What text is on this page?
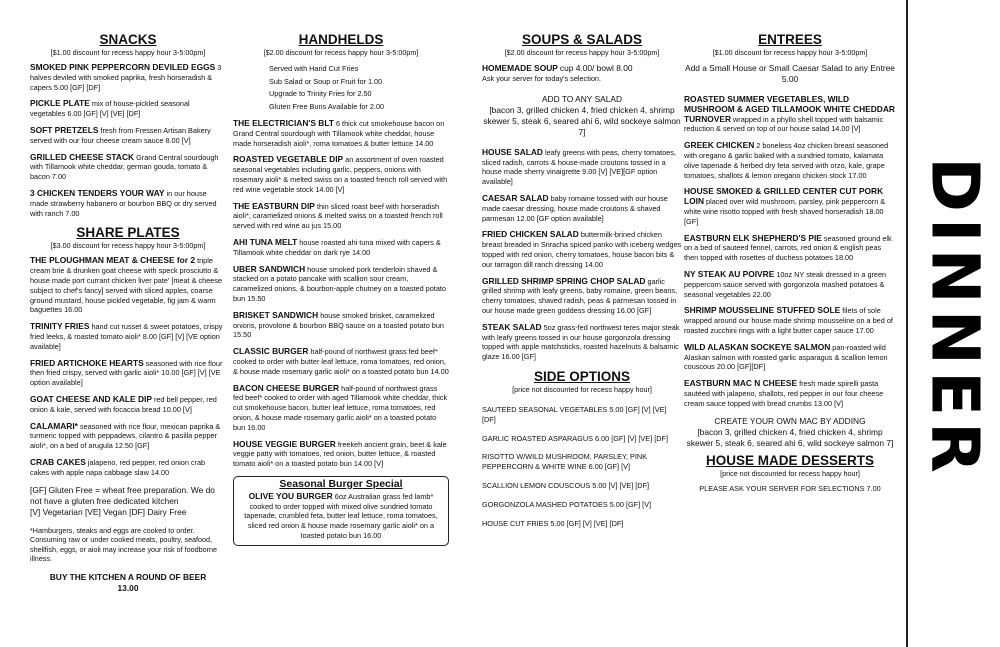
SNACKS
[$1.00 discount for recess happy hour 3-5:00pm]
SMOKED PINK PEPPERCORN DEVILED EGGS 3 halves deviled with smoked paprika, fresh horseradish & capers 5.00 [GF] [DF]
PICKLE PLATE mix of house-pickled seasonal vegetables 6.00 [GF] [V] [VE] [DF]
SOFT PRETZELS fresh from Fressen Artisan Bakery served with our four cheese cream sauce 8.00 [V]
GRILLED CHEESE STACK Grand Central sourdough with Tillamook white cheddar, german gouda, tomato & bacon 7.00
3 CHICKEN TENDERS YOUR WAY in our house made strawberry habanero or bourbon BBQ or dry served with ranch 7.00
SHARE PLATES
[$3.00 discount for recess happy hour 3-5:00pm]
THE PLOUGHMAN MEAT & CHEESE for 2 triple cream brie & drunken goat cheese with speck prosciutto & house made port currant chicken liver pate' [meat & cheese subject to chef's fancy] served with sliced apples, coarse ground mustard, house pickled vegetable, fig jam & warm baguettes 16.00
TRINITY FRIES hand cut russet & sweet potatoes, crispy fried leeks, & roasted tomato aioli* 8.00 [GF] [V] [VE option available]
FRIED ARTICHOKE HEARTS seasoned with rice flour then fried crispy, served with garlic aioli* 10.00 [GF] [V] [VE option available]
GOAT CHEESE AND KALE DIP red bell pepper, red onion & kale, served with focaccia bread 10.00 [V]
CALAMARI* seasoned with rice flour, mexican paprika & turmeric topped with peppadews, cilantro & pasilla pepper aioli*, on a bed of arugula 12.50 [GF]
CRAB CAKES jalapeno, red pepper, red onion crab cakes with apple napa cabbage slaw 14.00
[GF] Gluten Free = wheat free preparation. We do not have a gluten free dedicated kitchen
[V] Vegetarian [VE] Vegan [DF] Dairy Free
*Hamburgers, steaks and eggs are cooked to order. Consuming raw or under cooked meats, poultry, seafood, shellfish, eggs, or aioli may increase your risk of foodborne illness.
BUY THE KITCHEN A ROUND OF BEER
13.00
HANDHELDS
[$2.00 discount for recess happy hour 3-5:00pm]
Served with Hand Cut Fries
Sub Salad or Soup or Fruit for 1.00
Upgrade to Trinity Fries for 2.50
Gluten Free Buns Available for 2.00
THE ELECTRICIAN'S BLT 6 thick cut smokehouse bacon on Grand Central sourdough with Tillamook white cheddar, house made horseradish aioli*, roma tomatoes & butter lettuce 14.00
ROASTED VEGETABLE DIP an assortment of oven roasted seasonal vegetables including garlic, peppers, onions with rosemary aioli* & melted swiss on a toasted french roll served with red wine vegetable stock 14.00 [V]
THE EASTBURN DIP thin sliced roast beef with horseradish aioli*, caramelized onions & melted swiss on a toasted french roll served with red wine au jus 15.00
AHI TUNA MELT house roasted ahi tuna mixed with capers & Tillamook white cheddar on dark rye 14.00
UBER SANDWICH house smoked pork tenderloin shaved & stacked on a potato pancake with scallion sour cream, caramelized onions, & bourbon-apple chutney on a toasted potato bun 15.50
BRISKET SANDWICH house smoked brisket, caramelized onions, provolone & bourbon BBQ sauce on a toasted potato bun 15.50
CLASSIC BURGER half-pound of northwest grass fed beef* cooked to order with butter leaf lettuce, roma tomatoes, red onion, & house made rosemary garlic aioli* on a toasted potato bun 14.00
BACON CHEESE BURGER half-pound of northwest grass fed beef* cooked to order with aged Tillamook white cheddar, thick cut smokehouse bacon, butter leaf lettuce, roma tomatoes, red onion, & house made rosemary garlic aioli* on a toasted potato bun 16.00
HOUSE VEGGIE BURGER freekeh ancient grain, beet & kale veggie patty with tomatoes, red onion, butter lettuce, & roasted tomato aioli* on a toasted potato bun 14.00 [V]
Seasonal Burger Special
OLIVE YOU BURGER 6oz Australian grass fed lamb* cooked to order topped with mixed olive sundried tomato tapenade, crumbled feta, butter leaf lettuce, roma tomatoes, sliced red onion & house made rosemary garlic aioli* on a toasted potato bun 16.00
SOUPS & SALADS
[$2.00 discount for recess happy hour 3-5:00pm]
HOMEMADE SOUP cup 4.00/ bowl 8.00
Ask your server for today's selection.
ADD TO ANY SALAD
[bacon 3, grilled chicken 4, fried chicken 4, shrimp skewer 5, steak 6, seared ahi 6, wild sockeye salmon 7]
HOUSE SALAD leafy greens with peas, cherry tomatoes, sliced radish, carrots & house-made croutons tossed in a house made sherry vinaigrette 9.00 [V] [VE][GF option available]
CAESAR SALAD baby romaine tossed with our house made caesar dressing, house made croutons & shaved parmesan 12.00 [GF option available]
FRIED CHICKEN SALAD buttermilk-brined chicken breast breaded in Sriracha spiced panko with iceberg wedges topped with red onion, cherry tomatoes, house bacon bits & our tarragon dill ranch dressing 14.00
GRILLED SHRIMP SPRING CHOP SALAD garlic grilled shrimp with leafy greens, baby romaine, green beans, cherry tomatoes, shaved radish, peas & parmesan tossed in our house made green goddess dressing 16.00 [GF]
STEAK SALAD 5oz grass-fed northwest teres major steak with leafy greens tossed in our house gorgonzola dressing topped with apple matchsticks, roasted hazelnuts & balsamic glaze 16.00 [GF]
SIDE OPTIONS
[price not discounted for recess happy hour]
SAUTEED SEASONAL VEGETABLES 5.00 [GF] [V] [VE] [DF]
GARLIC ROASTED ASPARAGUS 6.00 [GF] [V] [VE] [DF]
RISOTTO W/WILD MUSHROOM, PARSLEY, PINK PEPPERCORN & WHITE WINE 6.00 [GF] [V]
SCALLION LEMON COUSCOUS 5.00 [V] [VE] [DF]
GORGONZOLA MASHED POTATOES 5.00 [GF] [V]
HOUSE CUT FRIES 5.00 [GF] [V] [VE] [DF]
ENTREES
[$1.00 discount for recess happy hour 3-5:00pm]
Add a Small House or Small Caesar Salad to any Entree 5.00
ROASTED SUMMER VEGETABLES, WILD MUSHROOM & AGED TILLAMOOK WHITE CHEDDAR TURNOVER wrapped in a phyllo shell topped with balsamic reduction & served on top of our house salad 14.00 [V]
GREEK CHICKEN 2 boneless 4oz chicken breast seasoned with oregano & garlic baked with a sundried tomato, kalamata olive tapenade & herbed dry feta served with orzo, kale, grape tomatoes, shallots & lemon oregano chicken stock 17.00
HOUSE SMOKED & GRILLED CENTER CUT PORK LOIN placed over wild mushroom, parsley, pink peppercorn & white wine risotto topped with fresh shaved horseradish 18.00 [GF]
EASTBURN ELK SHEPHERD'S PIE seasoned ground elk on a bed of sauteed fennel, carrots, red onion & english peas then topped with rosettes of duchess potatoes 18.00
NY STEAK AU POIVRE 10oz NY steak dressed in a green peppercorn sauce served with gorgonzola mashed potatoes & seasonal vegetables 22.00
SHRIMP MOUSSELINE STUFFED SOLE filets of sole wrapped around our house made shrimp mousseline on a bed of roasted zucchini rings with a light butter caper sauce 17.00
WILD ALASKAN SOCKEYE SALMON pan-roasted wild Alaskan salmon with roasted garlic asparagus & scallion lemon couscous 20.00 [GF][DF]
EASTBURN MAC N CHEESE fresh made spirelli pasta sautéed with jalapeno, shallots, red pepper in our four cheese cream sauce topped with bread crumbs 13.00 [V]
CREATE YOUR OWN MAC BY ADDING
[bacon 3, grilled chicken 4, fried chicken 4, shrimp skewer 5, steak 6, seared ahi 6, wild sockeye salmon 7]
HOUSE MADE DESSERTS
[price not discounted for recess happy hour]
PLEASE ASK YOUR SERVER FOR SELECTIONS 7.00
DINNER
